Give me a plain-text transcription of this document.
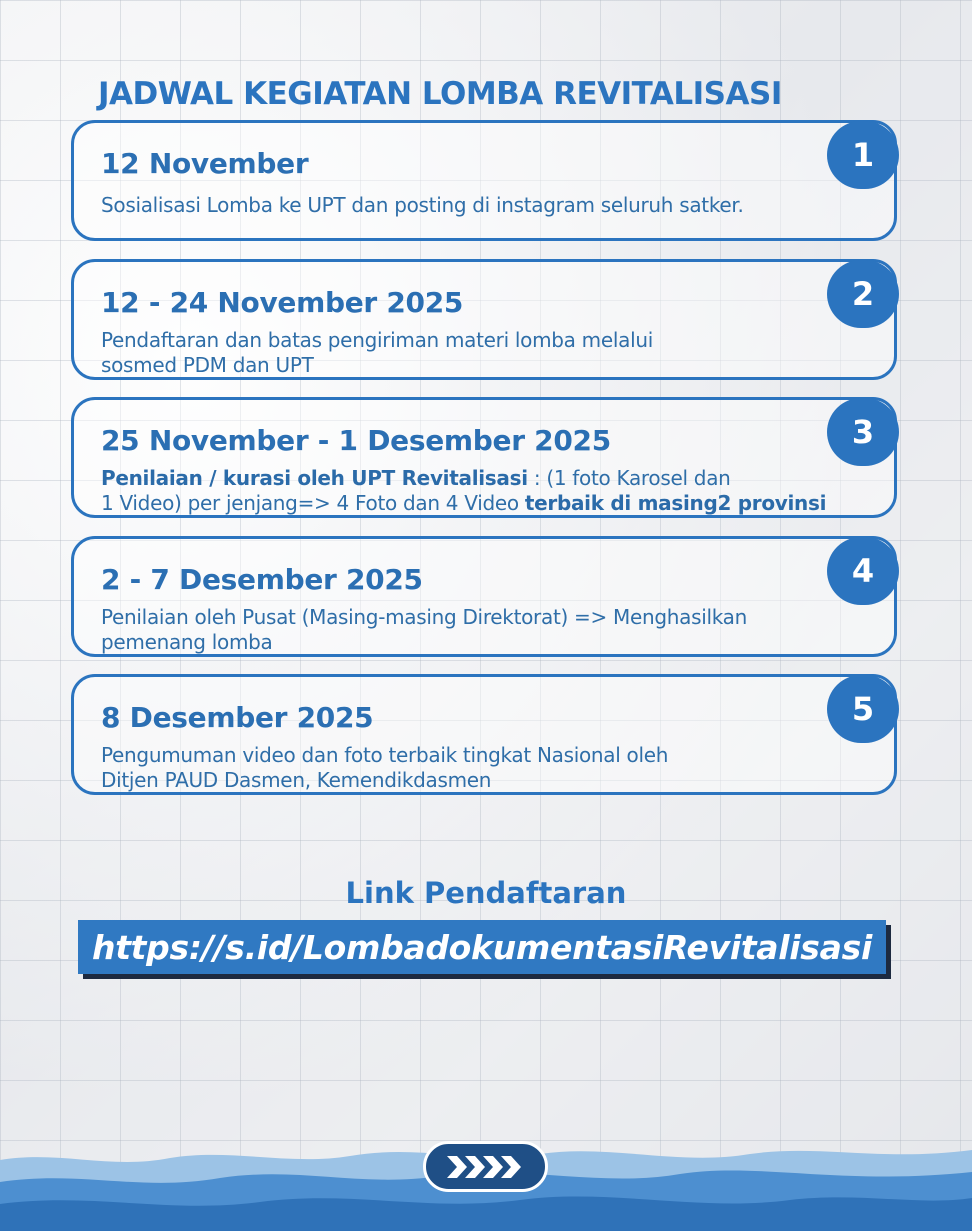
JADWAL KEGIATAN LOMBA REVITALISASI
12 November
Sosialisasi Lomba ke UPT dan posting di instagram seluruh satker.
1
12 - 24 November 2025
Pendaftaran dan batas pengiriman materi lomba melalui
sosmed PDM dan UPT
2
25 November - 1 Desember 2025
Penilaian / kurasi oleh UPT Revitalisasi : (1 foto Karosel dan
1 Video) per jenjang=> 4 Foto dan 4 Video terbaik di masing2 provinsi
3
2 - 7 Desember 2025
Penilaian oleh Pusat (Masing-masing Direktorat) => Menghasilkan
pemenang lomba
4
8 Desember 2025
Pengumuman video dan foto terbaik tingkat Nasional oleh
Ditjen PAUD Dasmen, Kemendikdasmen
5
Link Pendaftaran
https://s.id/LombadokumentasiRevitalisasi
